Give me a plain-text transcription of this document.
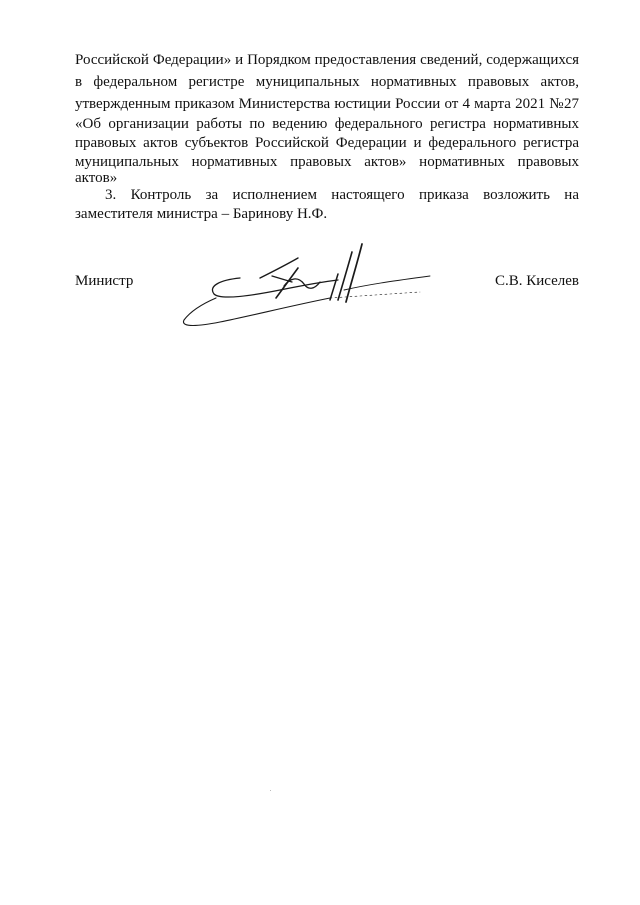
Российской Федерации» и Порядком предоставления сведений, содержащихся
в федеральном регистре муниципальных нормативных правовых актов,
утвержденным приказом Министерства юстиции России от 4 марта 2021 №27
«Об организации работы по ведению федерального регистра нормативных
правовых актов субъектов Российской Федерации и федерального регистра
муниципальных нормативных правовых актов» нормативных правовых
актов»
3. Контроль за исполнением настоящего приказа возложить на
заместителя министра – Баринову Н.Ф.
Министр	С.В. Киселев
